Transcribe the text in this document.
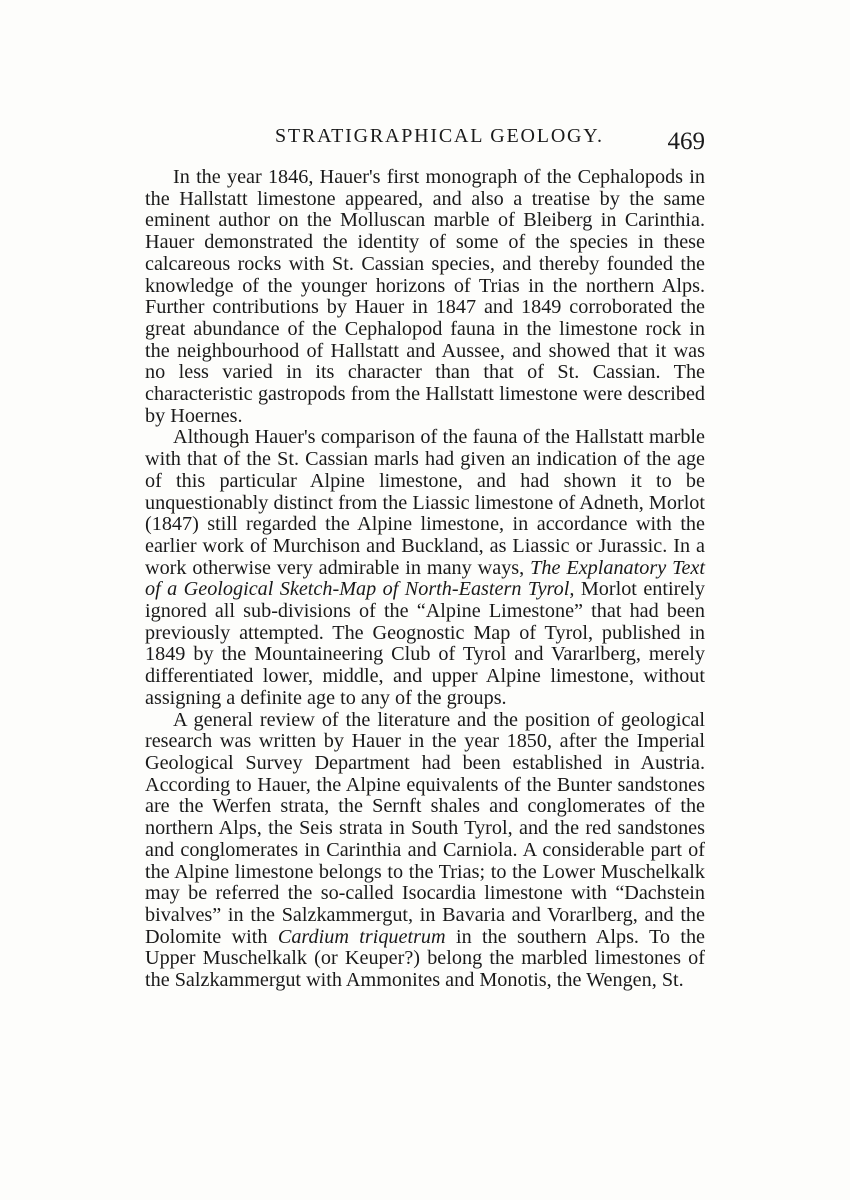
STRATIGRAPHICAL GEOLOGY.	469

In the year 1846, Hauer's first monograph of the Cephalopods in the Hallstatt limestone appeared, and also a treatise by the same eminent author on the Molluscan marble of Bleiberg in Carinthia. Hauer demonstrated the identity of some of the species in these calcareous rocks with St. Cassian species, and thereby founded the knowledge of the younger horizons of Trias in the northern Alps. Further contributions by Hauer in 1847 and 1849 corroborated the great abundance of the Cephalopod fauna in the limestone rock in the neighbourhood of Hallstatt and Aussee, and showed that it was no less varied in its character than that of St. Cassian. The characteristic gastropods from the Hallstatt limestone were described by Hoernes.

Although Hauer's comparison of the fauna of the Hallstatt marble with that of the St. Cassian marls had given an indication of the age of this particular Alpine limestone, and had shown it to be unquestionably distinct from the Liassic limestone of Adneth, Morlot (1847) still regarded the Alpine limestone, in accordance with the earlier work of Murchison and Buckland, as Liassic or Jurassic. In a work otherwise very admirable in many ways, The Explanatory Text of a Geological Sketch-Map of North-Eastern Tyrol, Morlot entirely ignored all sub-divisions of the “Alpine Limestone” that had been previously attempted. The Geognostic Map of Tyrol, published in 1849 by the Mountaineering Club of Tyrol and Vararlberg, merely differentiated lower, middle, and upper Alpine limestone, without assigning a definite age to any of the groups.

A general review of the literature and the position of geological research was written by Hauer in the year 1850, after the Imperial Geological Survey Department had been established in Austria. According to Hauer, the Alpine equivalents of the Bunter sandstones are the Werfen strata, the Sernft shales and conglomerates of the northern Alps, the Seis strata in South Tyrol, and the red sandstones and conglomerates in Carinthia and Carniola. A considerable part of the Alpine limestone belongs to the Trias; to the Lower Muschelkalk may be referred the so-called Isocardia limestone with “Dachstein bivalves” in the Salzkammergut, in Bavaria and Vorarlberg, and the Dolomite with Cardium triquetrum in the southern Alps. To the Upper Muschelkalk (or Keuper?) belong the marbled limestones of the Salzkammergut with Ammonites and Monotis, the Wengen, St.
